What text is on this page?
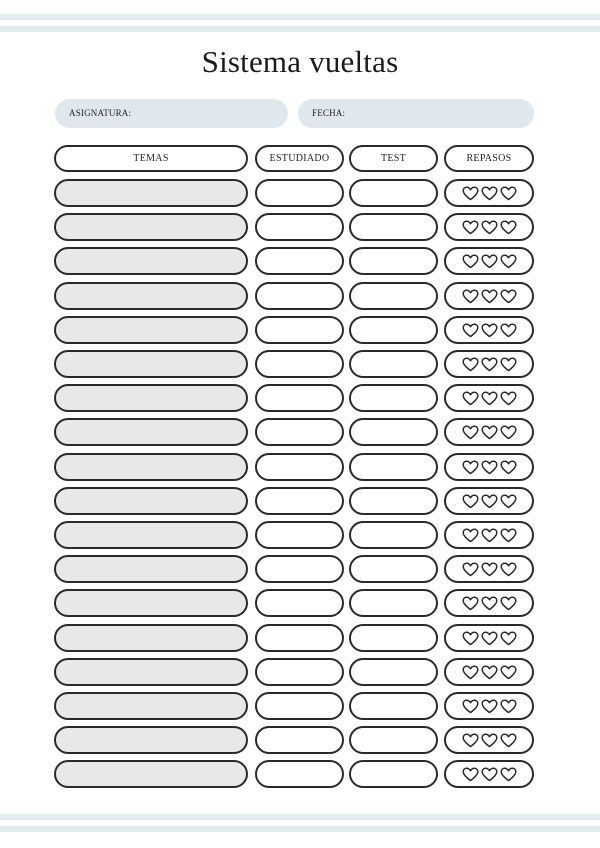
Sistema vueltas
ASIGNATURA:	FECHA:
TEMAS	ESTUDIADO	TEST	REPASOS
